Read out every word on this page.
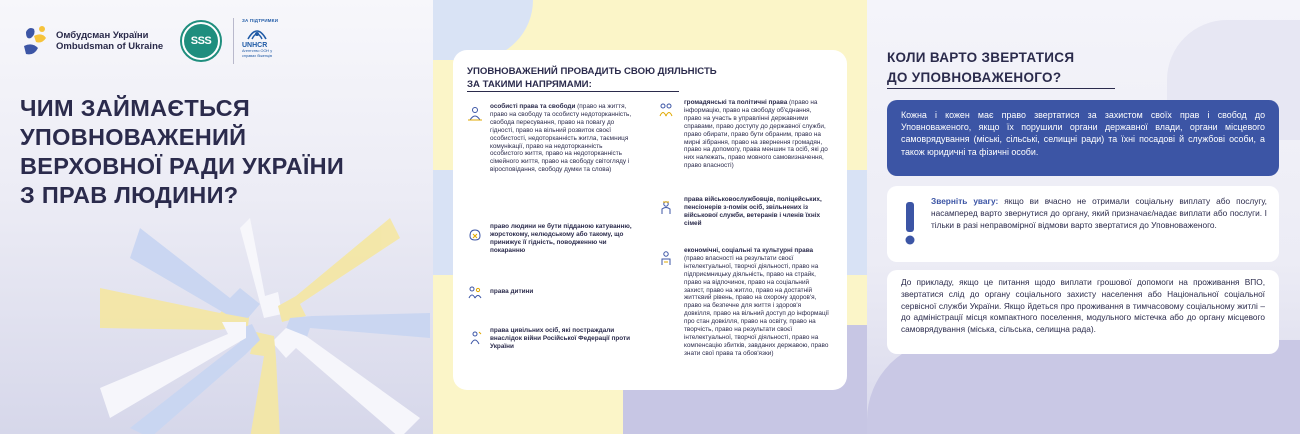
Омбудсман України
Ombudsman of Ukraine	SSS
ЗА ПІДТРИМКИ
UNHCR
Агентство ООН у справах біженців
ЧИМ ЗАЙМАЄТЬСЯ
УПОВНОВАЖЕНИЙ
ВЕРХОВНОЇ РАДИ УКРАЇНИ
З ПРАВ ЛЮДИНИ?
УПОВНОВАЖЕНИЙ ПРОВАДИТЬ СВОЮ ДІЯЛЬНІСТЬ ЗА ТАКИМИ НАПРЯМАМИ:
особисті права та свободи (право на життя, право на свободу та особисту недоторканність, свобода пересування, право на повагу до гідності, право на вільний розвиток своєї особистості, недоторканність житла, таємниця комунікації, право на недоторканність особистого життя, право на недоторканність сімейного життя, право на свободу світогляду і віросповідання, свободу думки та слова)
право людини не бути підданою катуванню, жорстокому, нелюдському або такому, що принижує її гідність, поводженню чи покаранню
права дитини
права цивільних осіб, які постраждали внаслідок війни Російської Федерації проти України
громадянські та політичні права (право на інформацію, право на свободу об'єднання, право на участь в управлінні державними справами, право доступу до державної служби, право обирати, право бути обраним, право на мирні зібрання, право на звернення громадян, право на допомогу, права меншин та осіб, які до них належать, право мовного самовизначення, право власності)
права військовослужбовців, поліцейських, пенсіонерів з-поміж осіб, звільнених із військової служби, ветеранів і членів їхніх сімей
економічні, соціальні та культурні права (право власності на результати своєї інтелектуальної, творчої діяльності, право на підприємницьку діяльність, право на страйк, право на відпочинок, право на соціальний захист, право на житло, право на достатній життєвий рівень, право на охорону здоров'я, право на безпечне для життя і здоров'я довкілля, право на вільний доступ до інформації про стан довкілля, право на освіту, право на творчість, право на результати своєї інтелектуальної, творчої діяльності, право на компенсацію збитків, завданих державою, право знати свої права та обов'язки)
КОЛИ ВАРТО ЗВЕРТАТИСЯ
ДО УПОВНОВАЖЕНОГО?
Кожна і кожен має право звертатися за захистом своїх прав і свобод до Уповноваженого, якщо їх порушили органи державної влади, органи місцевого самоврядування (міські, сільські, селищні ради) та їхні посадові й службові особи, а також юридичні та фізичні особи.
Зверніть увагу: якщо ви вчасно не отримали соціальну виплату або послугу, насамперед варто звернутися до органу, який призначає/надає виплати або послуги. І тільки в разі неправомірної відмови варто звертатися до Уповноваженого.
До прикладу, якщо це питання щодо виплати грошової допомоги на проживання ВПО, звертатися слід до органу соціального захисту населення або Національної соціальної сервісної служби України. Якщо йдеться про проживання в тимчасовому соціальному житлі – до адміністрації місця компактного поселення, модульного містечка або до органу місцевого самоврядування (міська, сільська, селищна рада).
